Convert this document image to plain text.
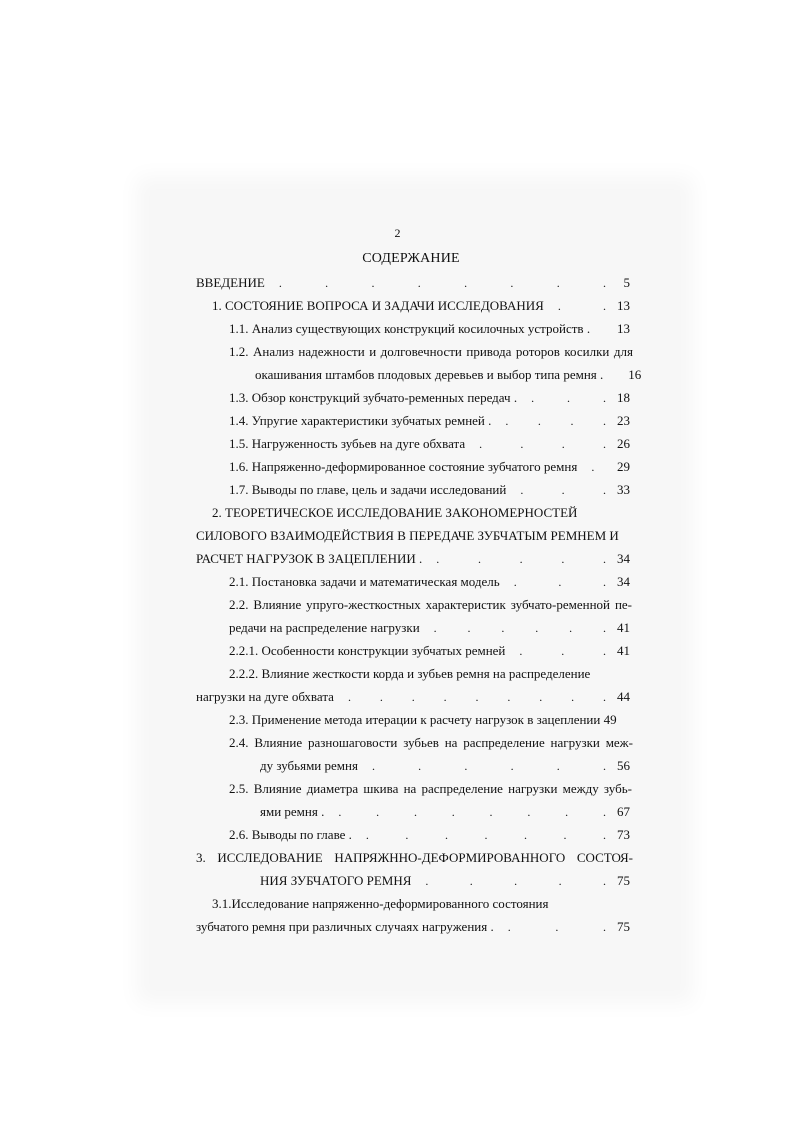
2
СОДЕРЖАНИЕ
ВВЕДЕНИЕ .	.	.	.	.	.	.	.	5
1. СОСТОЯНИЕ ВОПРОСА И ЗАДАЧИ ИССЛЕДОВАНИЯ .	. 13
1.1. Анализ существующих конструкций косилочных устройств . 13
1.2. Анализ надежности и долговечности привода роторов косилки для
окашивания штамбов плодовых деревьев и выбор типа ремня . 16
1.3. Обзор конструкций зубчато-ременных передач . .	.	. 18
1.4. Упругие характеристики зубчатых ремней . . . . . 23
1.5. Нагруженность зубьев на дуге обхвата .	.	.	. 26
1.6. Напряженно-деформированное состояние зубчатого ремня . 29
1.7. Выводы по главе, цель и задачи исследований .	.	. 33
2. ТЕОРЕТИЧЕСКОЕ ИССЛЕДОВАНИЕ ЗАКОНОМЕРНОСТЕЙ
СИЛОВОГО ВЗАИМОДЕЙСТВИЯ В ПЕРЕДАЧЕ ЗУБЧАТЫМ РЕМНЕМ И
РАСЧЕТ НАГРУЗОК В ЗАЦЕПЛЕНИИ . .	.	.	.	. 34
2.1. Постановка задачи и математическая модель .	.	. 34
2.2. Влияние упруго-жесткостных характеристик зубчато-ременной пе-
редачи на распределение нагрузки .	.	.	.	.	. 41
2.2.1. Особенности конструкции зубчатых ремней .	.	. 41
2.2.2. Влияние жесткости корда и зубьев ремня на распределение
нагрузки на дуге обхвата . . . . . . . . . 44
2.3. Применение метода итерации к расчету нагрузок в зацеплении 49
2.4. Влияние разношаговости зубьев на распределение нагрузки меж-
ду зубьями ремня .	.	.	.	.	. 56
2.5. Влияние диаметра шкива на распределение нагрузки между зубь-
ями ремня . .	.	.	.	.	.	.	. 67
2.6. Выводы по главе . .	.	.	.	.	.	. 73
3. ИССЛЕДОВАНИЕ НАПРЯЖННО-ДЕФОРМИРОВАННОГО СОСТОЯ-
НИЯ ЗУБЧАТОГО РЕМНЯ .	.	.	.	. 75
3.1.Исследование напряженно-деформированного состояния
зубчатого ремня при различных случаях нагружения . .	.	. 75
